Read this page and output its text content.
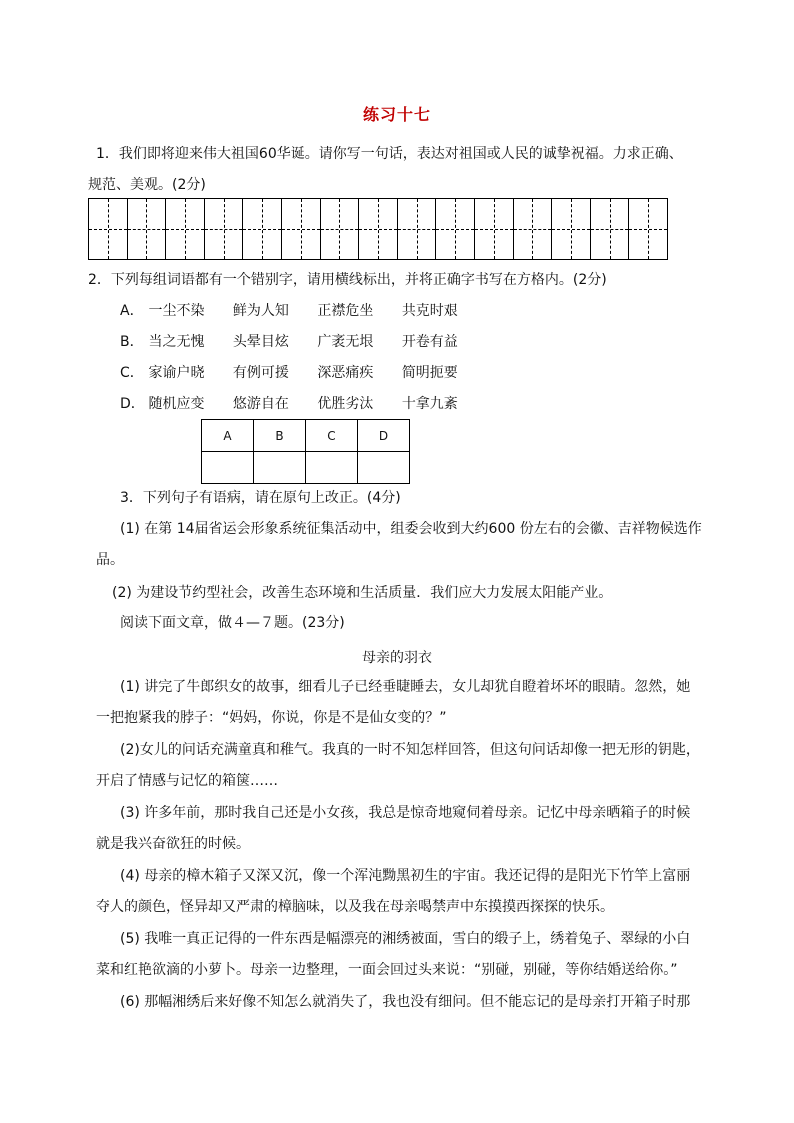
练习十七
1．我们即将迎来伟大祖国60华诞。请你写一句话，表达对祖国或人民的诚挚祝福。力求正确、
规范、美观。(2分)
2．下列每组词语都有一个错别字，请用横线标出，并将正确字书写在方格内。(2分)
A． 一尘不染 鲜为人知 正襟危坐 共克时艰
B． 当之无愧 头晕目炫 广袤无垠 开卷有益
C． 家谕户晓 有例可援 深恶痛疾 简明扼要
D． 随机应变 悠游自在 优胜劣汰 十拿九紊
A	B	C	D

3．下列句子有语病，请在原句上改正。(4分)
(1) 在第 14届省运会形象系统征集活动中，组委会收到大约600 份左右的会徽、吉祥物候选作
品。
(2) 为建设节约型社会，改善生态环境和生活质量．我们应大力发展太阳能产业。
阅读下面文章，做４—７题。(23分)
母亲的羽衣
(1) 讲完了牛郎织女的故事，细看儿子已经垂睫睡去，女儿却犹自瞪着坏坏的眼睛。忽然，她
一把抱紧我的脖子：“妈妈，你说，你是不是仙女变的？”
(2)女儿的问话充满童真和稚气。我真的一时不知怎样回答，但这句问话却像一把无形的钥匙，
开启了情感与记忆的箱箧……
(3) 许多年前，那时我自己还是小女孩，我总是惊奇地窥伺着母亲。记忆中母亲晒箱子的时候
就是我兴奋欲狂的时候。
(4) 母亲的樟木箱子又深又沉，像一个浑沌黝黑初生的宇宙。我还记得的是阳光下竹竿上富丽
夺人的颜色，怪异却又严肃的樟脑味，以及我在母亲喝禁声中东摸摸西探探的快乐。
(5) 我唯一真正记得的一件东西是幅漂亮的湘绣被面，雪白的缎子上，绣着兔子、翠绿的小白
菜和红艳欲滴的小萝卜。母亲一边整理，一面会回过头来说：“别碰，别碰，等你结婚送给你。”
(6) 那幅湘绣后来好像不知怎么就消失了，我也没有细问。但不能忘记的是母亲打开箱子时那
